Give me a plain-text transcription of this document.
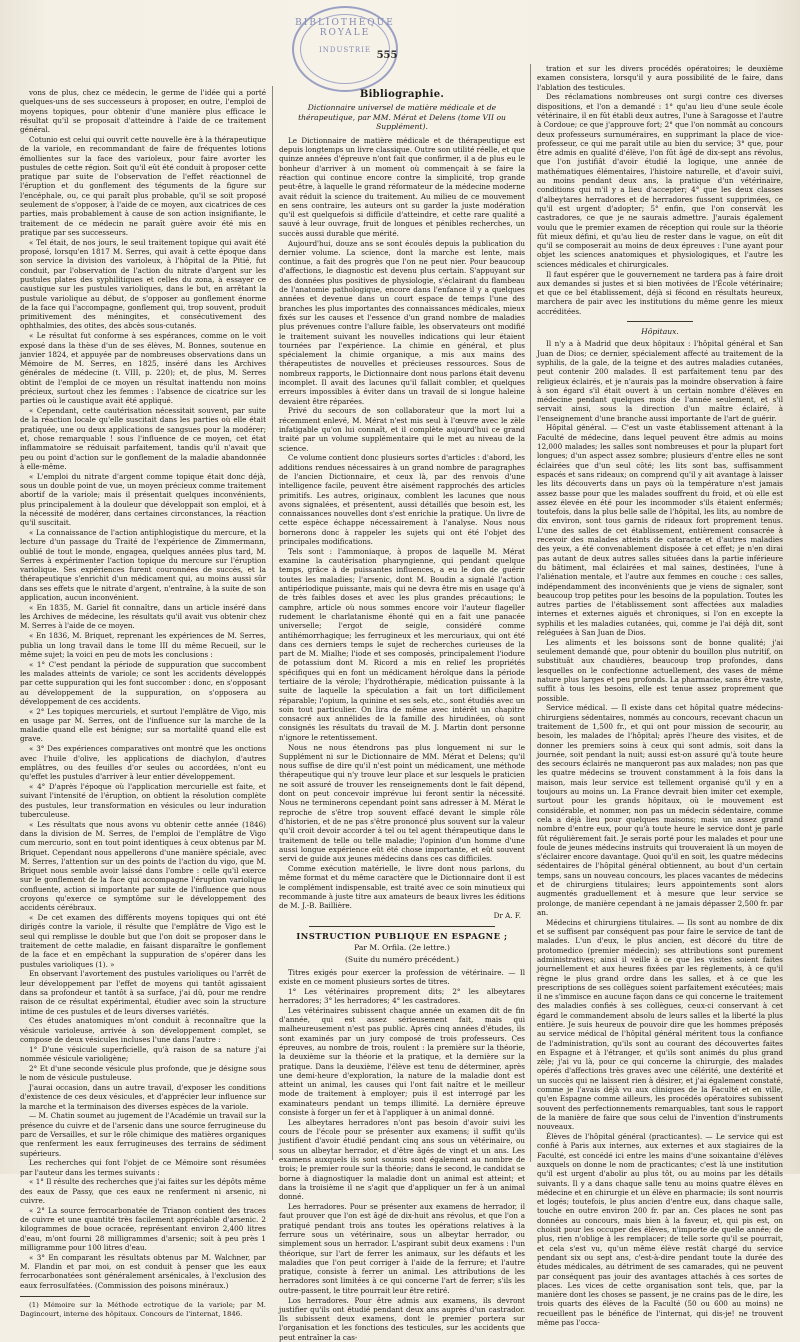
BIBLIOTHÈQUE ROYALE
INDUSTRIE 555

vons de plus, chez ce médecin, le germe de l'idée qui a porté quelques-uns de ses successeurs à proposer, en outre, l'emploi de moyens topiques, pour obtenir d'une manière plus efficace le résultat qu'il se proposait d'atteindre à l'aide de ce traitement général.

Cotunio est celui qui ouvrit cette nouvelle ère à la thérapeutique de la variole, en recommandant de faire de fréquentes lotions émollientes sur la face des varioleux, pour faire avorter les pustules de cette région. Soit qu'il eût été conduit à proposer cette pratique par suite de l'observation de l'effet réactionnel de l'éruption et du gonflement des téguments de la figure sur l'encéphale, ou, ce qui paraît plus probable, qu'il se soit proposé seulement de s'opposer, à l'aide de ce moyen, aux cicatrices de ces parties, mais probablement à cause de son action insignifiante, le traitement de ce médecin ne paraît guère avoir été mis en pratique par ses successeurs.

« Tel était, de nos jours, le seul traitement topique qui avait été proposé, lorsqu'en 1817 M. Serres, qui avait à cette époque dans son service la division des varioleux, à l'hôpital de la Pitié, fut conduit, par l'observation de l'action du nitrate d'argent sur les pustules plates des syphilitiques et celles du zona, à essayer ce caustique sur les pustules varioliques, dans le but, en arrêtant la pustule variolique au début, de s'opposer au gonflement énorme de la face qui l'accompagne, gonflement qui, trop souvent, produit primitivement des méningites, et consécutivement des ophthalmies, des otites, des abcès sous-cutanés.

« Le résultat fut conforme à ses espérances, comme on le voit exposé dans la thèse d'un de ses élèves, M. Bonnes, soutenue en janvier 1824, et appuyée par de nombreuses observations dans un Mémoire de M. Serres, en 1825, inséré dans les Archives générales de médecine (t. VIII, p. 220); et, de plus, M. Serres obtint de l'emploi de ce moyen un résultat inattendu non moins précieux, surtout chez les femmes : l'absence de cicatrice sur les parties où le caustique avait été appliqué.

« Cependant, cette cautérisation nécessitait souvent, par suite de la réaction locale qu'elle suscitait dans les parties où elle était pratiquée, une ou deux applications de sangsues pour la modérer; et, chose remarquable ! sous l'influence de ce moyen, cet état inflammatoire se réduisait parfaitement, tandis qu'il n'avait que peu ou point d'action sur le gonflement de la maladie abandonnée à elle-même.

« L'emploi du nitrate d'argent comme topique était donc déjà, sous un double point de vue, un moyen précieux comme traitement abortif de la variole; mais il présentait quelques inconvénients, plus principalement à la douleur que développait son emploi, et à la nécessité de modérer, dans certaines circonstances, la réaction qu'il suscitait.

« La connaissance de l'action antiphlogistique du mercure, et la lecture d'un passage du Traité de l'expérience de Zimmermann, oublié de tout le monde, engagea, quelques années plus tard, M. Serres à expérimenter l'action topique du mercure sur l'éruption variolique. Ses expériences furent couronnées de succès, et la thérapeutique s'enrichit d'un médicament qui, au moins aussi sûr dans ses effets que le nitrate d'argent, n'entraîne, à la suite de son application, aucun inconvénient.

« En 1835, M. Gariel fit connaître, dans un article inséré dans les Archives de médecine, les résultats qu'il avait vus obtenir chez M. Serres à l'aide de ce moyen.

« En 1836, M. Briquet, reprenant les expériences de M. Serres, publia un long travail dans le tome III du même Recueil, sur le même sujet; la voici en peu de mots les conclusions :

« 1° C'est pendant la période de suppuration que succombent les malades atteints de variole; ce sont les accidents développés par cette suppuration qui les font succomber : donc, en s'opposant au développement de la suppuration, on s'opposera au développement de ces accidents.

« 2° Les topiques mercuriels, et surtout l'emplâtre de Vigo, mis en usage par M. Serres, ont de l'influence sur la marche de la maladie quand elle est bénigne; sur sa mortalité quand elle est grave.

« 3° Des expériences comparatives ont montré que les onctions avec l'huile d'olive, les applications de diachylon, d'autres emplâtres, ou des feuilles d'or seules ou accordées, n'ont eu qu'effet les pustules d'arriver à leur entier développement.

« 4° D'après l'époque où l'application mercurielle est faite, et suivant l'intensité de l'éruption, on obtient la résolution complète des pustules, leur transformation en vésicules ou leur induration tuberculeuse.

« Les résultats que nous avons vu obtenir cette année (1846) dans la division de M. Serres, de l'emploi de l'emplâtre de Vigo cum mercurio, sont en tout point identiques à ceux obtenus par M. Briquet. Cependant nous appellerons d'une manière spéciale, avec M. Serres, l'attention sur un des points de l'action du vigo, que M. Briquet nous semble avoir laissé dans l'ombre : celle qu'il exerce sur le gonflement de la face qui accompagne l'éruption variolique confluente, action si importante par suite de l'influence que nous croyons qu'exerce ce symptôme sur le développement des accidents cérébraux.

« De cet examen des différents moyens topiques qui ont été dirigés contre la variole, il résulte que l'emplâtre de Vigo est le seul qui remplisse le double but que l'on doit se proposer dans le traitement de cette maladie, en faisant disparaître le gonflement de la face et en empêchant la suppuration de s'opérer dans les pustules varioliques (1). »

En observant l'avortement des pustules varioliques ou l'arrêt de leur développement par l'effet de moyens qui tantôt agissaient dans sa profondeur et tantôt à sa surface, j'ai dû, pour me rendre raison de ce résultat expérimental, étudier avec soin la structure intime de ces pustules et de leurs diverses variétés.

Ces études anatomiques m'ont conduit à reconnaître que la vésicule varioleuse, arrivée à son développement complet, se compose de deux vésicules incluses l'une dans l'autre :

1° D'une vésicule superficielle, qu'à raison de sa nature j'ai nommée vésicule varioligène;

2° Et d'une seconde vésicule plus profonde, que je désigne sous le nom de vésicule pustuleuse.

J'aurai occasion, dans un autre travail, d'exposer les conditions d'existence de ces deux vésicules, et d'apprécier leur influence sur la marche et la terminaison des diverses espèces de la variole.

— M. Chatin soumet au jugement de l'Académie un travail sur la présence du cuivre et de l'arsenic dans une source ferrugineuse du parc de Versailles, et sur le rôle chimique des matières organiques que renferment les eaux ferrugineuses des terrains de sédiment supérieurs.

Les recherches qui font l'objet de ce Mémoire sont résumées par l'auteur dans les termes suivants :

« 1° Il résulte des recherches que j'ai faites sur les dépôts même des eaux de Passy, que ces eaux ne renferment ni arsenic, ni cuivre.

« 2° La source ferrocarbonatée de Trianon contient des traces de cuivre et une quantité très facilement appréciable d'arsenic. 2 kilogrammes de boue ocracée, représentant environ 2,400 litres d'eau, m'ont fourni 28 milligrammes d'arsenic; soit à peu près 1 milligramme pour 100 litres d'eau.

« 3° En comparant les résultats obtenus par M. Walchner, par M. Flandin et par moi, on est conduit à penser que les eaux ferrocarbonatées sont généralement arsénicales, à l'exclusion des eaux ferrosulfatées. (Commission des poisons minéraux.)

(1) Mémoire sur la Méthode ectrotique de la variole; par M. Dagincourt, interne des hôpitaux. Concours de l'internat, 1846.

Bibliographie.
Dictionnaire universel de matière médicale et de thérapeutique, par MM. Mérat et Delens (tome VII ou Supplément).

Le Dictionnaire de matière médicale et de thérapeutique est depuis longtemps un livre classique. Outre son utilité réelle, et que quinze années d'épreuve n'ont fait que confirmer, il a de plus eu le bonheur d'arriver à un moment où commençait à se faire la réaction qui continue encore contre la simplicité, trop grande peut-être, à laquelle le grand réformateur de la médecine moderne avait réduit la science du traitement. Au milieu de ce mouvement en sens contraire, les auteurs ont su garder la juste modération qu'il est quelquefois si difficile d'atteindre, et cette rare qualité a sauvé à leur ouvrage, fruit de longues et pénibles recherches, un succès aussi durable que mérité.

Aujourd'hui, douze ans se sont écoulés depuis la publication du dernier volume. La science, dont la marche est lente, mais continue, a fait des progrès que l'on ne peut nier. Pour beaucoup d'affections, le diagnostic est devenu plus certain. S'appuyant sur des données plus positives de physiologie, s'éclairant du flambeau de l'anatomie pathologique, encore dans l'enfance il y a quelques années et devenue dans un court espace de temps l'une des branches les plus importantes des connaissances médicales, mieux fixés sur les causes et l'essence d'un grand nombre de maladies plus prévenues contre l'allure faible, les observateurs ont modifié le traitement suivant les nouvelles indications qui leur étaient tournées par l'expérience. La chimie en général, et plus spécialement la chimie organique, a mis aux mains des thérapeutistes de nouvelles et précieuses ressources. Sous de nombreux rapports, le Dictionnaire dont nous parlons était devenu incomplet. Il avait des lacunes qu'il fallait combler, et quelques erreurs impossibles à éviter dans un travail de si longue haleine devaient être réparées.

Privé du secours de son collaborateur que la mort lui a récemment enlevé, M. Mérat n'est mis seul à l'œuvre avec le zèle infatigable qu'on lui connaît, et il complète aujourd'hui ce grand traité par un volume supplémentaire qui le met au niveau de la science.

Ce volume contient donc plusieurs sortes d'articles : d'abord, les additions rendues nécessaires à un grand nombre de paragraphes de l'ancien Dictionnaire, et ceux là, par des renvois d'une intelligence facile, peuvent être aisément rapprochés des articles primitifs. Les autres, originaux, comblent les lacunes que nous avons signalées, et présentent, aussi détaillés que besoin est, les connaissances nouvelles dont s'est enrichie la pratique. Un livre de cette espèce échappe nécessairement à l'analyse. Nous nous bornerons donc à rappeler les sujets qui ont été l'objet des principales modifications.

Tels sont : l'ammoniaque, à propos de laquelle M. Mérat examine la cautérisation pharyngienne, qui pendant quelque temps, grâce à de puissantes influences, a eu le don de guérir toutes les maladies; l'arsenic, dont M. Boudin a signalé l'action antipériodique puissante, mais qui ne devra être mis en usage qu'à de très faibles doses et avec les plus grandes précautions; le camphre, article où nous sommes encore voir l'auteur flageller rudement le charlatanisme éhonté qui en a fait une panacée universelle; l'ergot de seigle, considéré comme antihémorrhagique; les ferrugineux et les mercuriaux, qui ont été dans ces derniers temps le sujet de recherches curieuses de la part de M. Mialhe; l'iode et ses composés, principalement l'iodure de potassium dont M. Ricord a mis en relief les propriétés spécifiques qui en font un médicament héroïque dans la période tertiaire de la vérole; l'hydrothérapie, médication puissante à la suite de laquelle la spéculation a fait un tort difficilement réparable; l'opium, la quinine et ses sels, etc., sont étudiés avec un soin tout particulier. On lira de même avec intérêt un chapitre consacré aux annélides de la famille des hirudinées, où sont consignés les résultats du travail de M. J. Martin dont personne n'ignore le retentissement.

Nous ne nous étendrons pas plus longuement ni sur le Supplément ni sur le Dictionnaire de MM. Mérat et Delens; qu'il nous suffise de dire qu'il n'est point un médicament, une méthode thérapeutique qui n'y trouve leur place et sur lesquels le praticien ne soit assuré de trouver les renseignements dont le fait dépend, dont on peut concevoir imprévue lui feront sentir la nécessité. Nous ne terminerons cependant point sans adresser à M. Mérat le reproche de s'être trop souvent effacé devant le simple rôle d'historien, et de ne pas s'être prononcé plus souvent sur la valeur qu'il croit devoir accorder à tel ou tel agent thérapeutique dans le traitement de telle ou telle maladie; l'opinion d'un homme d'une aussi longue expérience eût été chose importante, et eût souvent servi de guide aux jeunes médecins dans ces cas difficiles.

Comme exécution matérielle, le livre dont nous parlons, du même format et du même caractère que le Dictionnaire dont il est le complément indispensable, est traité avec ce soin minutieux qui recommande à juste titre aux amateurs de beaux livres les éditions de M. J.-B. Baillière.

Dr A. F.
INSTRUCTION PUBLIQUE EN ESPAGNE ;
Par M. Orfila. (2e lettre.)
(Suite du numéro précédent.)

Titres exigés pour exercer la profession de vétérinaire. — Il existe en ce moment plusieurs sortes de titres.

1° Les vétérinaires proprement dits; 2° les albeytares herradores; 3° les herradores; 4° les castradores.

Les vétérinaires subissent chaque année un examen dit de fin d'année, qui est assez sérieusement fait, mais qui malheureusement n'est pas public. Après cinq années d'études, ils sont examinés par un jury composé de trois professeurs. Ces épreuves, au nombre de trois, roulent : la première sur la théorie, la deuxième sur la théorie et la pratique, et la dernière sur la pratique. Dans la deuxième, l'élève est tenu de déterminer, après une demi-heure d'exploration, la nature de la maladie dont est atteint un animal, les causes qui l'ont fait naître et le meilleur mode de traitement à employer; puis il est interrogé par les examinateurs pendant un temps illimité. La dernière épreuve consiste à forger un fer et à l'appliquer à un animal donné.

Les albeytares herradores n'ont pas besoin d'avoir suivi les cours de l'école pour se présenter aux examens; il suffit qu'ils justifient d'avoir étudié pendant cinq ans sous un vétérinaire, ou sous un albeytar herrador, et d'être âgés de vingt et un ans. Les examens auxquels ils sont soumis sont également au nombre de trois; le premier roule sur la théorie; dans le second, le candidat se borne à diagnostiquer la maladie dont un animal est atteint; et dans la troisième il ne s'agit que d'appliquer un fer à un animal donné.

Les herradores. Pour se présenter aux examens de herrador, il faut prouver que l'on est âgé de dix-huit ans révolus, et que l'on a pratiqué pendant trois ans toutes les opérations relatives à la ferrure sous un vétérinaire, sous un albeytar herrador, ou simplement sous un herrador. L'aspirant subit deux examens : l'un théorique, sur l'art de ferrer les animaux, sur les défauts et les maladies que l'on peut corriger à l'aide de la ferrure; et l'autre pratique, consiste à ferrer un animal. Les attributions de les herradores sont limitées à ce qui concerne l'art de ferrer; s'ils les outre-passent, le titre pourrait leur être retiré.

Los herradores. Pour être admis aux examens, ils devront justifier qu'ils ont étudié pendant deux ans auprès d'un castrador. Ils subissent deux examens, dont le premier portera sur l'organisation et les fonctions des testicules, sur les accidents que peut entraîner la cas-

tration et sur les divers procédés opératoires; le deuxième examen consistera, lorsqu'il y aura possibilité de le faire, dans l'ablation des testicules.

Des réclamations nombreuses ont surgi contre ces diverses dispositions, et l'on a demandé : 1° qu'au lieu d'une seule école vétérinaire, il en fût établi deux autres, l'une à Saragosse et l'autre à Cordoue; ce que j'approuve fort; 2° que l'on nommât au concours deux professeurs surnuméraires, en supprimant la place de vice-professeur, ce qui me paraît utile au bien du service; 3° que, pour être admis en qualité d'élève, l'on fût âgé de dix-sept ans révolus, que l'on justifiât d'avoir étudié la logique, une année de mathématiques élémentaires, l'histoire naturelle, et d'avoir suivi, au moins pendant deux ans, la pratique d'un vétérinaire, conditions qui m'il y a lieu d'accepter; 4° que les deux classes d'albeytares herradores et de herradores fussent supprimées, ce qu'il est urgent d'adopter; 5° enfin, que l'on conservât les castradores, ce que je ne saurais admettre. J'aurais également voulu que le premier examen de réception qui roule sur la théorie fût mieux défini, et qu'au lieu de rester dans le vague, on eût dit qu'il se composerait au moins de deux épreuves : l'une ayant pour objet les sciences anatomiques et physiologiques, et l'autre les sciences médicales et chirurgicales.

Il faut espérer que le gouvernement ne tardera pas à faire droit aux demandes si justes et si bien motivées de l'École vétérinaire; et que ce bel établissement, déjà si fécond en résultats heureux, marchera de pair avec les institutions du même genre les mieux accréditées.

Hôpitaux.

Il n'y a à Madrid que deux hôpitaux : l'hôpital général et San Juan de Dios; ce dernier, spécialement affecté au traitement de la syphilis, de la gale, de la teigne et des autres maladies cutanées, peut contenir 200 malades. Il est parfaitement tenu par des religieux éclairés, et je n'aurais pas la moindre observation à faire à son égard s'il était ouvert à un certain nombre d'élèves en médecine pendant quelques mois de l'année seulement, et s'il servait ainsi, sous la direction d'un maître éclairé, à l'enseignement d'une branche aussi importante de l'art de guérir.

Hôpital général. — C'est un vaste établissement attenant à la Faculté de médecine, dans lequel peuvent être admis au moins 12,000 malades; les salles sont nombreuses et pour la plupart fort longues; d'un aspect assez sombre; plusieurs d'entre elles ne sont éclairées que d'un seul côté; les lits sont bas, suffisamment espacés et sans rideaux; on comprend qu'il y ait avantage à laisser les lits découverts dans un pays où la température n'est jamais assez basse pour que les malades souffrent du froid, et où elle est assez élevée en été pour les incommoder s'ils étaient enfermés; toutefois, dans la plus belle salle de l'hôpital, les lits, au nombre de dix environ, sont tous garnis de rideaux fort proprement tenus. L'une des salles de cet établissement, entièrement consacrée à recevoir des malades atteints de cataracte et d'autres maladies des yeux, a été convenablement disposée à cet effet; je n'en dirai pas autant de deux autres salles situées dans la partie inférieure du bâtiment, mal éclairées et mal saines, destinées, l'une à l'aliénation mentale, et l'autre aux femmes en couche : ces salles, indépendamment des inconvénients que je viens de signaler, sont beaucoup trop petites pour les besoins de la population. Toutes les autres parties de l'établissement sont affectées aux maladies internes et externes aiguës et chroniques, si l'on en excepte la syphilis et les maladies cutanées, qui, comme je l'ai déjà dit, sont reléguées à San Juan de Dios.

Les aliments et les boissons sont de bonne qualité; j'ai seulement demandé que, pour obtenir du bouillon plus nutritif, on substituât aux chaudières, beaucoup trop profondes, dans lesquelles on le confectionne actuellement, des vases de même nature plus larges et peu profonds. La pharmacie, sans être vaste, suffit à tous les besoins, elle est tenue assez proprement que possible.

Service médical. — Il existe dans cet hôpital quatre médecins-chirurgiens sédentaires, nommés au concours, recevant chacun un traitement de 1,500 fr., et qui ont pour mission de secourir, au besoin, les malades de l'hôpital; après l'heure des visites, et de donner les premiers soins à ceux qui sont admis, soit dans la journée, soit pendant la nuit; aussi est-on assuré qu'à toute heure des secours éclairés ne manqueront pas aux malades; non pas que les quatre médecins se trouvent constamment à la fois dans la maison, mais leur service est tellement organisé qu'il y en a toujours au moins un. La France devrait bien imiter cet exemple, surtout pour les grands hôpitaux, où le mouvement est considérable, et nommer, non pas un médecin sédentaire, comme cela a déjà lieu pour quelques maisons; mais un assez grand nombre d'entre eux, pour qu'à toute heure le service dont je parle fût régulièrement fait. Je serais porté pour les malades et pour une foule de jeunes médecins instruits qui trouveraient là un moyen de s'éclairer encore davantage. Quoi qu'il en soit, les quatre médecins sédentaires de l'hôpital général obtiennent, au bout d'un certain temps, sans un nouveau concours, les places vacantes de médecins et de chirurgiens titulaires; leurs appointements sont alors augmentés graduellement et à mesure que leur service se prolonge, de manière cependant à ne jamais dépasser 2,500 fr. par an.

Médecins et chirurgiens titulaires. — Ils sont au nombre de dix et se suffisent par conséquent pas pour faire le service de tant de malades. L'un d'eux, le plus ancien, est décoré du titre de protomedico (premier médecin); ses attributions sont purement administratives; ainsi il veille à ce que les visites soient faites journellement et aux heures fixées par les règlements, à ce qu'il règne le plus grand ordre dans les salles, et à ce que les prescriptions de ses collègues soient parfaitement exécutées; mais il ne s'immisce en aucune façon dans ce qui concerne le traitement des maladies confiés à ses collègues, ceux-ci conservant à cet égard le commandement absolu de leurs salles et la liberté la plus entière. Je suis heureux de pouvoir dire que les hommes préposés au service médical de l'hôpital général méritent tous la confiance de l'administration, qu'ils sont au courant des découvertes faites en Espagne et à l'étranger, et qu'ils sont animés du plus grand zèle; j'ai vu là, pour ce qui concerne la chirurgie, des malades opérés d'affections très graves avec une célérité, une dextérité et un succès qui ne laissent rien à désirer, et j'ai également constaté, comme je l'avais déjà vu aux cliniques de la Faculté et en ville, qu'en Espagne comme ailleurs, les procédés opératoires subissent souvent des perfectionnements remarquables, tant sous le rapport de la manière de faire que sous celui de l'invention d'instruments nouveaux.

Élèves de l'hôpital général (practicantes). — Le service qui est confié à Paris aux internes, aux externes et aux stagiaires de la Faculté, est concédé ici entre les mains d'une soixantaine d'élèves auxquels on donne le nom de practicantes; c'est là une institution qu'il est urgent d'abolir au plus tôt, ou au moins par les détails suivants. Il y a dans chaque salle tenu au moins quatre élèves en médecine et en chirurgie et un élève en pharmacie; ils sont nourris et logés; toutefois, le plus ancien d'entre eux, dans chaque salle, touche en outre environ 200 fr. par an. Ces places ne sont pas données au concours, mais bien à la faveur, et, qui pis est, on choisit pour les occuper des élèves, n'importe de quelle année; de plus, rien n'oblige à les remplacer; de telle sorte qu'il se pourrait, et cela s'est vu, qu'un même élève restât chargé du service pendant six ou sept ans, c'est-à-dire pendant toute la durée des études médicales, au détriment de ses camarades, qui ne peuvent par conséquent pas jouir des avantages attachés à ces sortes de places. Les vices de cette organisation sont tels, que, par la manière dont les choses se passent, je ne crains pas de le dire, les trois quarts des élèves de la Faculté (50 ou 600 au moins) ne recueillent pas le bénéfice de l'internat, qui dis-je! ne trouvent même pas l'occa-
